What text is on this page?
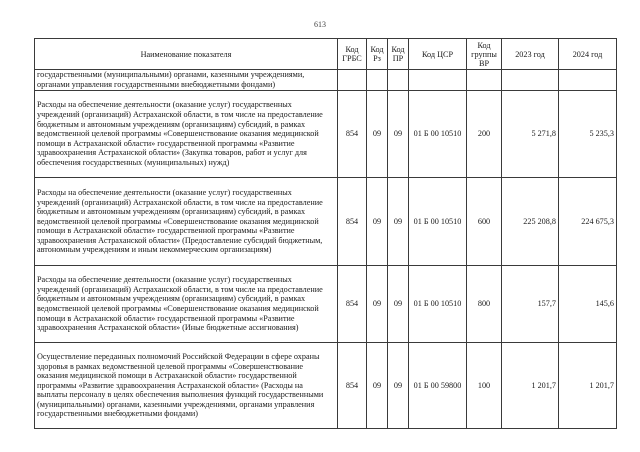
613
Наименование показателя	Код ГРБС	Код Рз	Код ПР	Код ЦСР	Код группы ВР	2023 год	2024 год
государственными (муниципальными) органами, казенными учреждениями, органами управления государственными внебюджетными фондами)							
Расходы на обеспечение деятельности (оказание услуг) государственных учреждений (организаций) Астраханской области, в том числе на предоставление бюджетным и автономным учреждениям (организациям) субсидий, в рамках ведомственной целевой программы «Совершенствование оказания медицинской помощи в Астраханской области» государственной программы «Развитие здравоохранения Астраханской области» (Закупка товаров, работ и услуг для обеспечения государственных (муниципальных) нужд)	854	09	09	01 Б 00 10510	200	5 271,8	5 235,3
Расходы на обеспечение деятельности (оказание услуг) государственных учреждений (организаций) Астраханской области, в том числе на предоставление бюджетным и автономным учреждениям (организациям) субсидий, в рамках ведомственной целевой программы «Совершенствование оказания медицинской помощи в Астраханской области» государственной программы «Развитие здравоохранения Астраханской области» (Предоставление субсидий бюджетным, автономным учреждениям и иным некоммерческим организациям)	854	09	09	01 Б 00 10510	600	225 208,8	224 675,3
Расходы на обеспечение деятельности (оказание услуг) государственных учреждений (организаций) Астраханской области, в том числе на предоставление бюджетным и автономным учреждениям (организациям) субсидий, в рамках ведомственной целевой программы «Совершенствование оказания медицинской помощи в Астраханской области» государственной программы «Развитие здравоохранения Астраханской области» (Иные бюджетные ассигнования)	854	09	09	01 Б 00 10510	800	157,7	145,6
Осуществление переданных полномочий Российской Федерации в сфере охраны здоровья в рамках ведомственной целевой программы «Совершенствование оказания медицинской помощи в Астраханской области» государственной программы «Развитие здравоохранения Астраханской области» (Расходы на выплаты персоналу в целях обеспечения выполнения функций государственными (муниципальными) органами, казенными учреждениями, органами управления государственными внебюджетными фондами)	854	09	09	01 Б 00 59800	100	1 201,7	1 201,7
